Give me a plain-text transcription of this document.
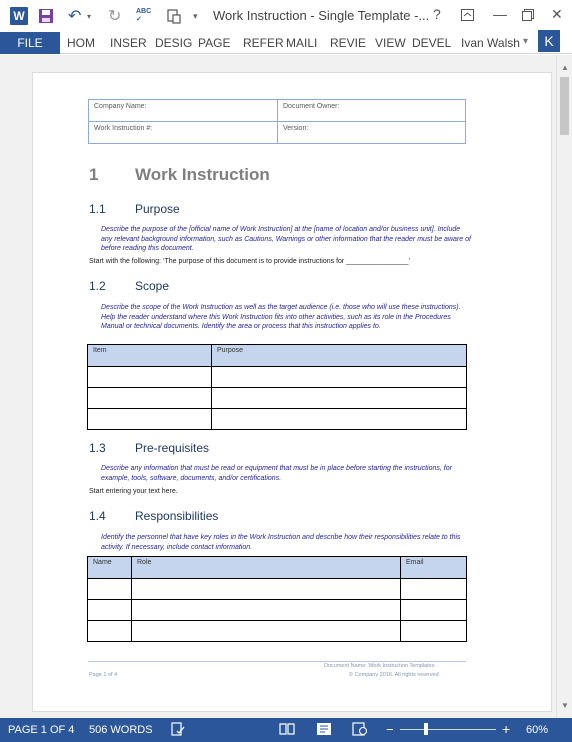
W	↶ ▾ ↻ ABC
✓	▾ Work Instruction - Single Template -... ?	—	✕
FILE	HOM INSER DESIG PAGE REFER MAILI REVIE VIEW DEVEL Ivan Walsh ▾	K
▲
▼
Company Name:	Document Owner:
Work Instruction #:	Version:
1 Work Instruction
1.1 Purpose
Describe the purpose of the [official name of Work Instruction] at the [name of location and/or business unit]. Include any relevant background information, such as Cautions, Warnings or other information that the reader must be aware of before reading this document.
Start with the following: ‘The purpose of this document is to provide instructions for ________________’
1.2 Scope
Describe the scope of the Work Instruction as well as the target audience (i.e. those who will use these instructions). Help the reader understand where this Work Instruction fits into other activities, such as its role in the Procedures Manual or technical documents. Identify the area or process that this instruction applies to.
Item	Purpose

1.3 Pre-requisites
Describe any information that must be read or equipment that must be in place before starting the instructions, for example, tools, software, documents, and/or certifications.
Start entering your text here.
1.4 Responsibilities
Identify the personnel that have key roles in the Work Instruction and describe how their responsibilities relate to this activity. If necessary, include contact information.
Name	Role	Email

Document Name: Work Instruction Templates
Page 1 of 4	© Company 2016. All rights reserved
PAGE 1 OF 4 506 WORDS	−	+ 60%
